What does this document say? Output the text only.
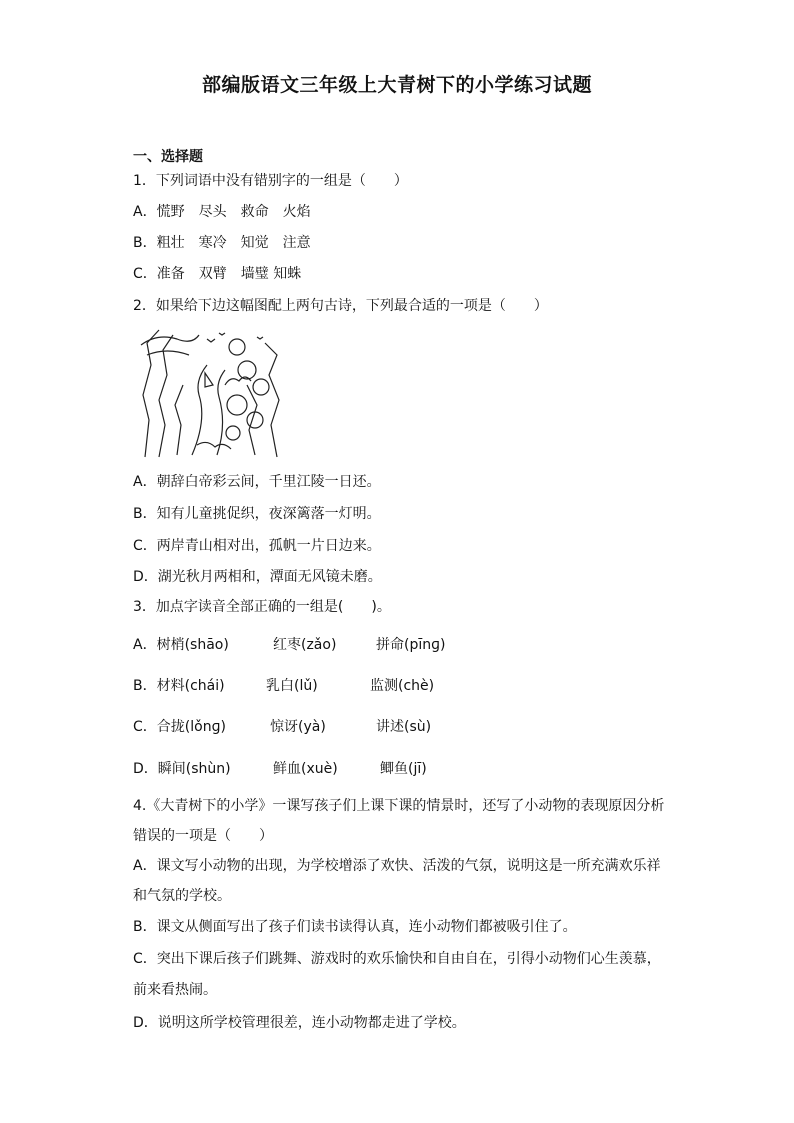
部编版语文三年级上大青树下的小学练习试题
一、选择题
1．下列词语中没有错别字的一组是（　　）
A．慌野　尽头　救命　火焰
B．粗壮　寒冷　知觉　注意
C．准备　双臂　墙璧 知蛛
2．如果给下边这幅图配上两句古诗，下列最合适的一项是（　　）
A．朝辞白帝彩云间，千里江陵一日还。
B．知有儿童挑促织，夜深篱落一灯明。
C．两岸青山相对出，孤帆一片日边来。
D．湖光秋月两相和，潭面无风镜未磨。
3．加点字读音全部正确的一组是(　　)。
A．树梢(shāo)	红枣(zǎo)	拼命(pīnɡ)
B．材料(chái)	乳白(lǔ)	监测(chè)
C．合拢(lǒnɡ)	惊讶(yà)	讲述(sù)
D．瞬间(shùn)	鲜血(xuè)	鲫鱼(jī)
4.《大青树下的小学》一课写孩子们上课下课的情景时，还写了小动物的表现原因分析
错误的一项是（　　）
A．课文写小动物的出现，为学校增添了欢快、活泼的气氛，说明这是一所充满欢乐祥
和气氛的学校。
B．课文从侧面写出了孩子们读书读得认真，连小动物们都被吸引住了。
C．突出下课后孩子们跳舞、游戏时的欢乐愉快和自由自在，引得小动物们心生羡慕，
前来看热闹。
D．说明这所学校管理很差，连小动物都走进了学校。
